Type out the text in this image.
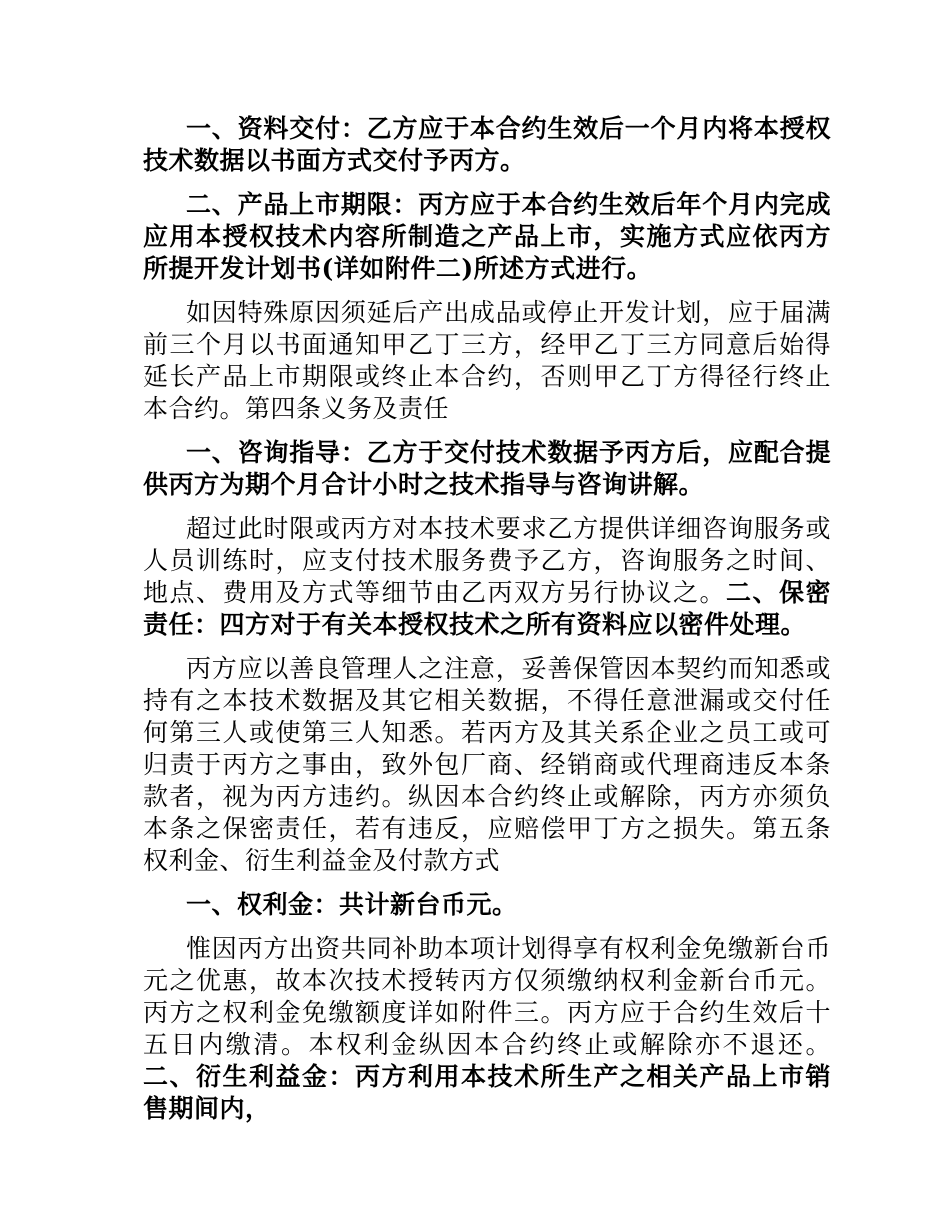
一、资料交付：乙方应于本合约生效后一个月内将本授权技术数据以书面方式交付予丙方。

二、产品上市期限：丙方应于本合约生效后年个月内完成应用本授权技术内容所制造之产品上市，实施方式应依丙方所提开发计划书(详如附件二)所述方式进行。

如因特殊原因须延后产出成品或停止开发计划，应于届满前三个月以书面通知甲乙丁三方，经甲乙丁三方同意后始得延长产品上市期限或终止本合约，否则甲乙丁方得径行终止本合约。第四条义务及责任

一、咨询指导：乙方于交付技术数据予丙方后，应配合提供丙方为期个月合计小时之技术指导与咨询讲解。

超过此时限或丙方对本技术要求乙方提供详细咨询服务或人员训练时，应支付技术服务费予乙方，咨询服务之时间、地点、费用及方式等细节由乙丙双方另行协议之。二、保密责任：四方对于有关本授权技术之所有资料应以密件处理。

丙方应以善良管理人之注意，妥善保管因本契约而知悉或持有之本技术数据及其它相关数据，不得任意泄漏或交付任何第三人或使第三人知悉。若丙方及其关系企业之员工或可归责于丙方之事由，致外包厂商、经销商或代理商违反本条款者，视为丙方违约。纵因本合约终止或解除，丙方亦须负本条之保密责任，若有违反，应赔偿甲丁方之损失。第五条权利金、衍生利益金及付款方式

一、权利金：共计新台币元。

惟因丙方出资共同补助本项计划得享有权利金免缴新台币元之优惠，故本次技术授转丙方仅须缴纳权利金新台币元。丙方之权利金免缴额度详如附件三。丙方应于合约生效后十五日内缴清。本权利金纵因本合约终止或解除亦不退还。二、衍生利益金：丙方利用本技术所生产之相关产品上市销售期间内，
